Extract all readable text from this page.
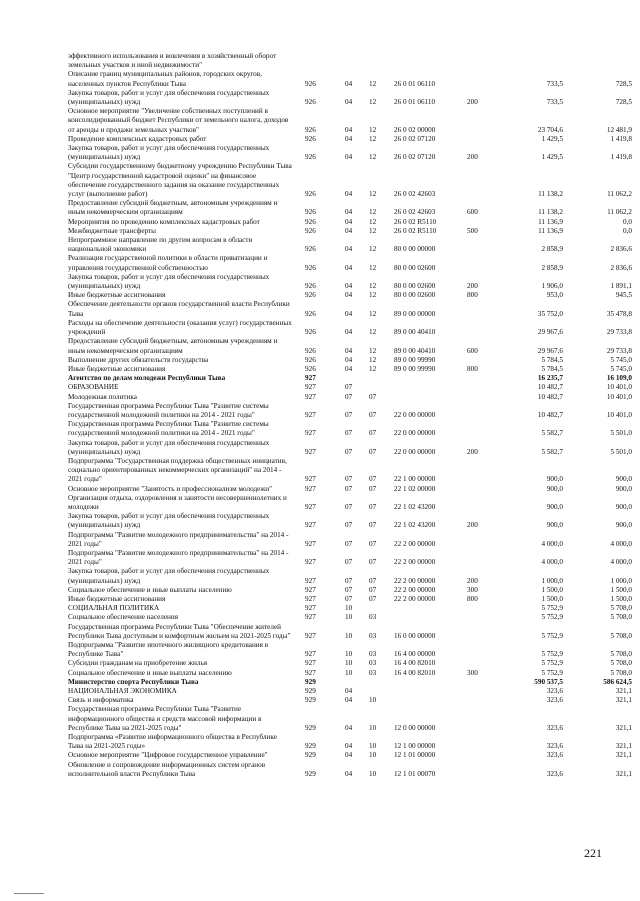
эффективного использования и вовлечения в хозяйственный оборот земельных участков и иной недвижимости"
Описание границ муниципальных районов, городских округов, населенных пунктов Республики Тыва	926	04 12 26 0 01 06110	733,5	728,5
Закупка товаров, работ и услуг для обеспечения государственных (муниципальных) нужд	926	04 12 26 0 01 06110	200	733,5	728,5
Основное мероприятие "Увеличение собственных поступлений в консолидированный бюджет Республики от земельного налога, доходов от аренды и продажи земельных участков"	926	04 12 26 0 02 00000	23 704,6	12 481,9
Проведение комплексных кадастровых работ	926	04 12 26 0 02 07120	1 429,5	1 419,8
Закупка товаров, работ и услуг для обеспечения государственных (муниципальных) нужд	926	04 12 26 0 02 07120	200	1 429,5	1 419,8
Субсидии государственному бюджетному учреждению Республики Тыва "Центр государственной кадастровой оценки" на финансовое обеспечение государственного задания на оказание государственных услуг (выполнение работ)	926	04 12 26 0 02 42603	11 138,2	11 062,2
Предоставление субсидий бюджетным, автономным учреждениям и иным некоммерческим организациям	926	04 12 26 0 02 42603	600	11 138,2	11 062,2
Мероприятия по проведению комплексных кадастровых работ	926	04 12 26 0 02 R5110	11 136,9	0,0
Межбюджетные трансферты	926	04 12 26 0 02 R5110	500	11 136,9	0,0
Непрограммное направление по другим вопросам в области национальной экономики	926	04 12 80 0 00 00000	2 858,9	2 836,6
Реализация государственной политики в области приватизации и управления государственной собственностью	926	04 12 80 0 00 02600	2 858,9	2 836,6
Закупка товаров, работ и услуг для обеспечения государственных (муниципальных) нужд	926	04 12 80 0 00 02600	200	1 906,0	1 891,1
Иные бюджетные ассигнования	926	04 12 80 0 00 02600	800	953,0	945,5
Обеспечение деятельности органов государственной власти Республики Тыва	926	04 12 89 0 00 00000	35 752,0	35 478,8
Расходы на обеспечение деятельности (оказания услуг) государственных учреждений	926	04 12 89 0 00 40410	29 967,6	29 733,8
Предоставление субсидий бюджетным, автономным учреждениям и иным некоммерческим организациям	926	04 12 89 0 00 40410	600	29 967,6	29 733,8
Выполнение других обязательств государства	926	04 12 89 0 00 99990	5 784,5	5 745,0
Иные бюджетные ассигнования	926	04 12 89 0 00 99990	800	5 784,5	5 745,0
Агентство по делам молодежи Республики Тыва	927	16 235,7	16 109,0
ОБРАЗОВАНИЕ	927	07	10 482,7	10 401,0
Молодежная политика	927	07 07	10 482,7	10 401,0
Государственная программа Республики Тыва "Развитие системы государственной молодежной политики на 2014 - 2021 годы"	927	07 07 22 0 00 00000	10 482,7	10 401,0
Государственная программа Республики Тыва "Развитие системы государственной молодежной политики на 2014 - 2021 годы"	927	07 07 22 0 00 00000	5 582,7	5 501,0
Закупка товаров, работ и услуг для обеспечения государственных (муниципальных) нужд	927	07 07 22 0 00 00000	200	5 582,7	5 501,0
Подпрограмма "Государственная поддержка общественных инициатив, социально ориентированных некоммерческих организаций" на 2014 - 2021 годы"	927	07 07 22 1 00 00000	900,0	900,0
Основное мероприятие "Занятость и профессионализм молодежи"	927	07 07 22 1 02 00000	900,0	900,0
Организация отдыха, оздоровления и занятости несовершеннолетних и молодежи	927	07 07 22 1 02 43200	900,0	900,0
Закупка товаров, работ и услуг для обеспечения государственных (муниципальных) нужд	927	07 07 22 1 02 43200	200	900,0	900,0
Подпрограмма "Развитие молодежного предпринимательства" на 2014 - 2021 годы"	927	07 07 22 2 00 00000	4 000,0	4 000,0
Подпрограмма "Развитие молодежного предпринимательства" на 2014 - 2021 годы"	927	07 07 22 2 00 00000	4 000,0	4 000,0
Закупка товаров, работ и услуг для обеспечения государственных (муниципальных) нужд	927	07 07 22 2 00 00000	200	1 000,0	1 000,0
Социальное обеспечение и иные выплаты населению	927	07 07 22 2 00 00000	300	1 500,0	1 500,0
Иные бюджетные ассигнования	927	07 07 22 2 00 00000	800	1 500,0	1 500,0
СОЦИАЛЬНАЯ ПОЛИТИКА	927	10	5 752,9	5 708,0
Социальное обеспечение населения	927	10 03	5 752,9	5 708,0
Государственная программа Республики Тыва "Обеспечение жителей Республики Тыва доступным и комфортным жильем на 2021-2025 годы"	927	10 03 16 0 00 00000	5 752,9	5 708,0
Подпрограмма "Развитие ипотечного жилищного кредитования в Республике Тыва"	927	10 03 16 4 00 00000	5 752,9	5 708,0
Субсидии гражданам на приобретение жилья	927	10 03 16 4 00 82010	5 752,9	5 708,0
Социальное обеспечение и иные выплаты населению	927	10 03 16 4 00 82010	300	5 752,9	5 708,0
Министерство спорта Республики Тыва	929	590 537,5	586 624,5
НАЦИОНАЛЬНАЯ ЭКОНОМИКА	929	04	323,6	321,1
Связь и информатика	929	04 10	323,6	321,1
Государственная программа Республики Тыва "Развитие информационного общества и средств массовой информации в Республике Тыва на 2021-2025 годы"	929	04 10 12 0 00 00000	323,6	321,1
Подпрограмма «Развитие информационного общества в Республике Тыва на 2021-2025 годы»	929	04 10 12 1 00 00000	323,6	321,1
Основное мероприятие "Цифровое государственное управление"	929	04 10 12 1 01 00000	323,6	321,1
Обновление и сопровождение информационных систем органов исполнительной власти Республики Тыва	929	04 10 12 1 01 00070	323,6	321,1
221
